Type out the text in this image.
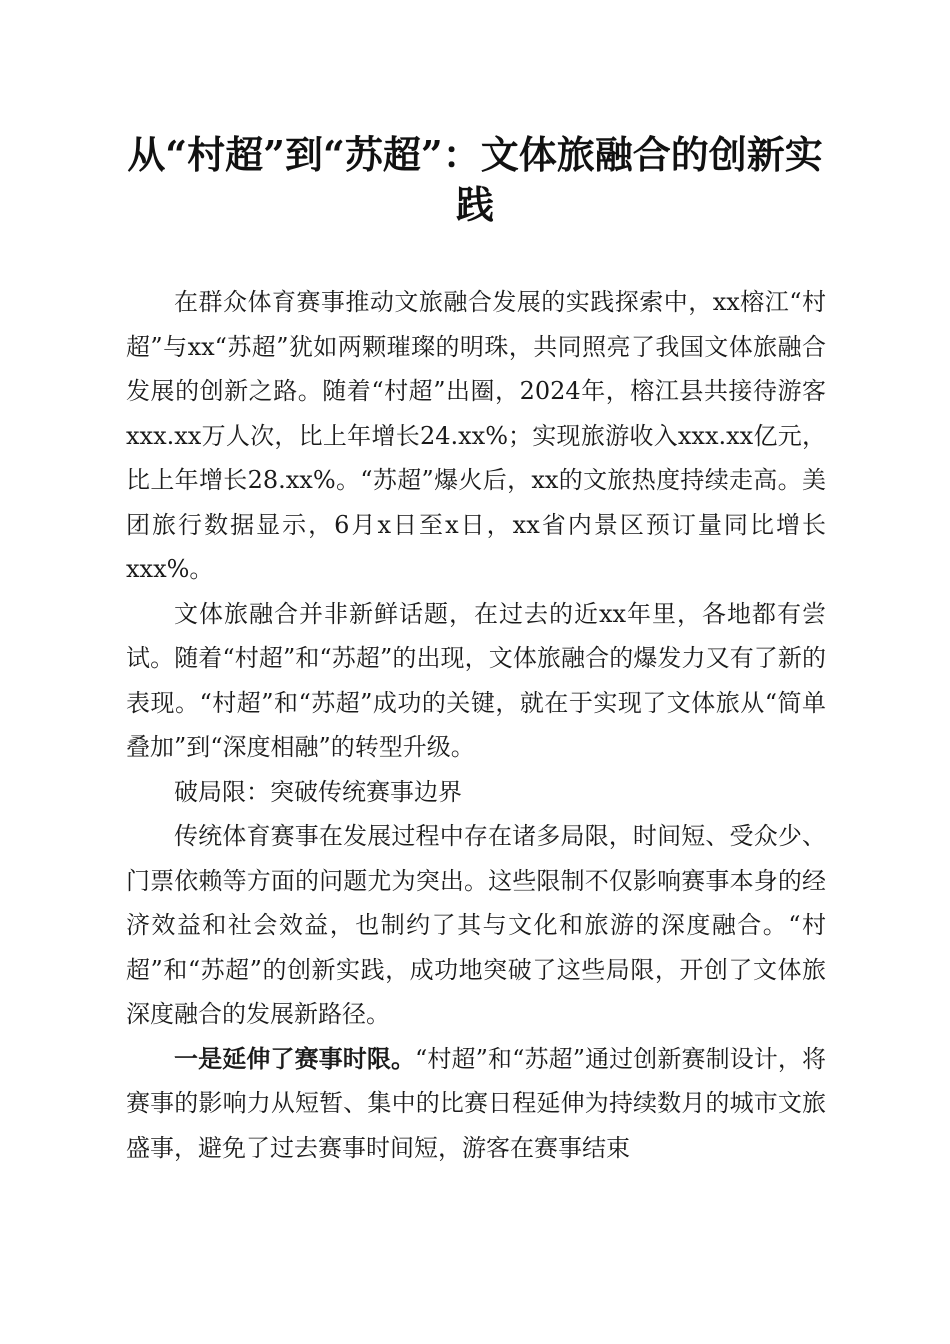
从“村超”到“苏超”：文体旅融合的创新实践

在群众体育赛事推动文旅融合发展的实践探索中，xx榕江“村超”与xx“苏超”犹如两颗璀璨的明珠，共同照亮了我国文体旅融合发展的创新之路。随着“村超”出圈，2024年，榕江县共接待游客xxx.xx万人次，比上年增长24.xx%；实现旅游收入xxx.xx亿元，比上年增长28.xx%。“苏超”爆火后，xx的文旅热度持续走高。美团旅行数据显示，6月x日至x日，xx省内景区预订量同比增长xxx%。

文体旅融合并非新鲜话题，在过去的近xx年里，各地都有尝试。随着“村超”和“苏超”的出现，文体旅融合的爆发力又有了新的表现。“村超”和“苏超”成功的关键，就在于实现了文体旅从“简单叠加”到“深度相融”的转型升级。

破局限：突破传统赛事边界

传统体育赛事在发展过程中存在诸多局限，时间短、受众少、门票依赖等方面的问题尤为突出。这些限制不仅影响赛事本身的经济效益和社会效益，也制约了其与文化和旅游的深度融合。“村超”和“苏超”的创新实践，成功地突破了这些局限，开创了文体旅深度融合的发展新路径。

一是延伸了赛事时限。“村超”和“苏超”通过创新赛制设计，将赛事的影响力从短暂、集中的比赛日程延伸为持续数月的城市文旅盛事，避免了过去赛事时间短，游客在赛事结束
